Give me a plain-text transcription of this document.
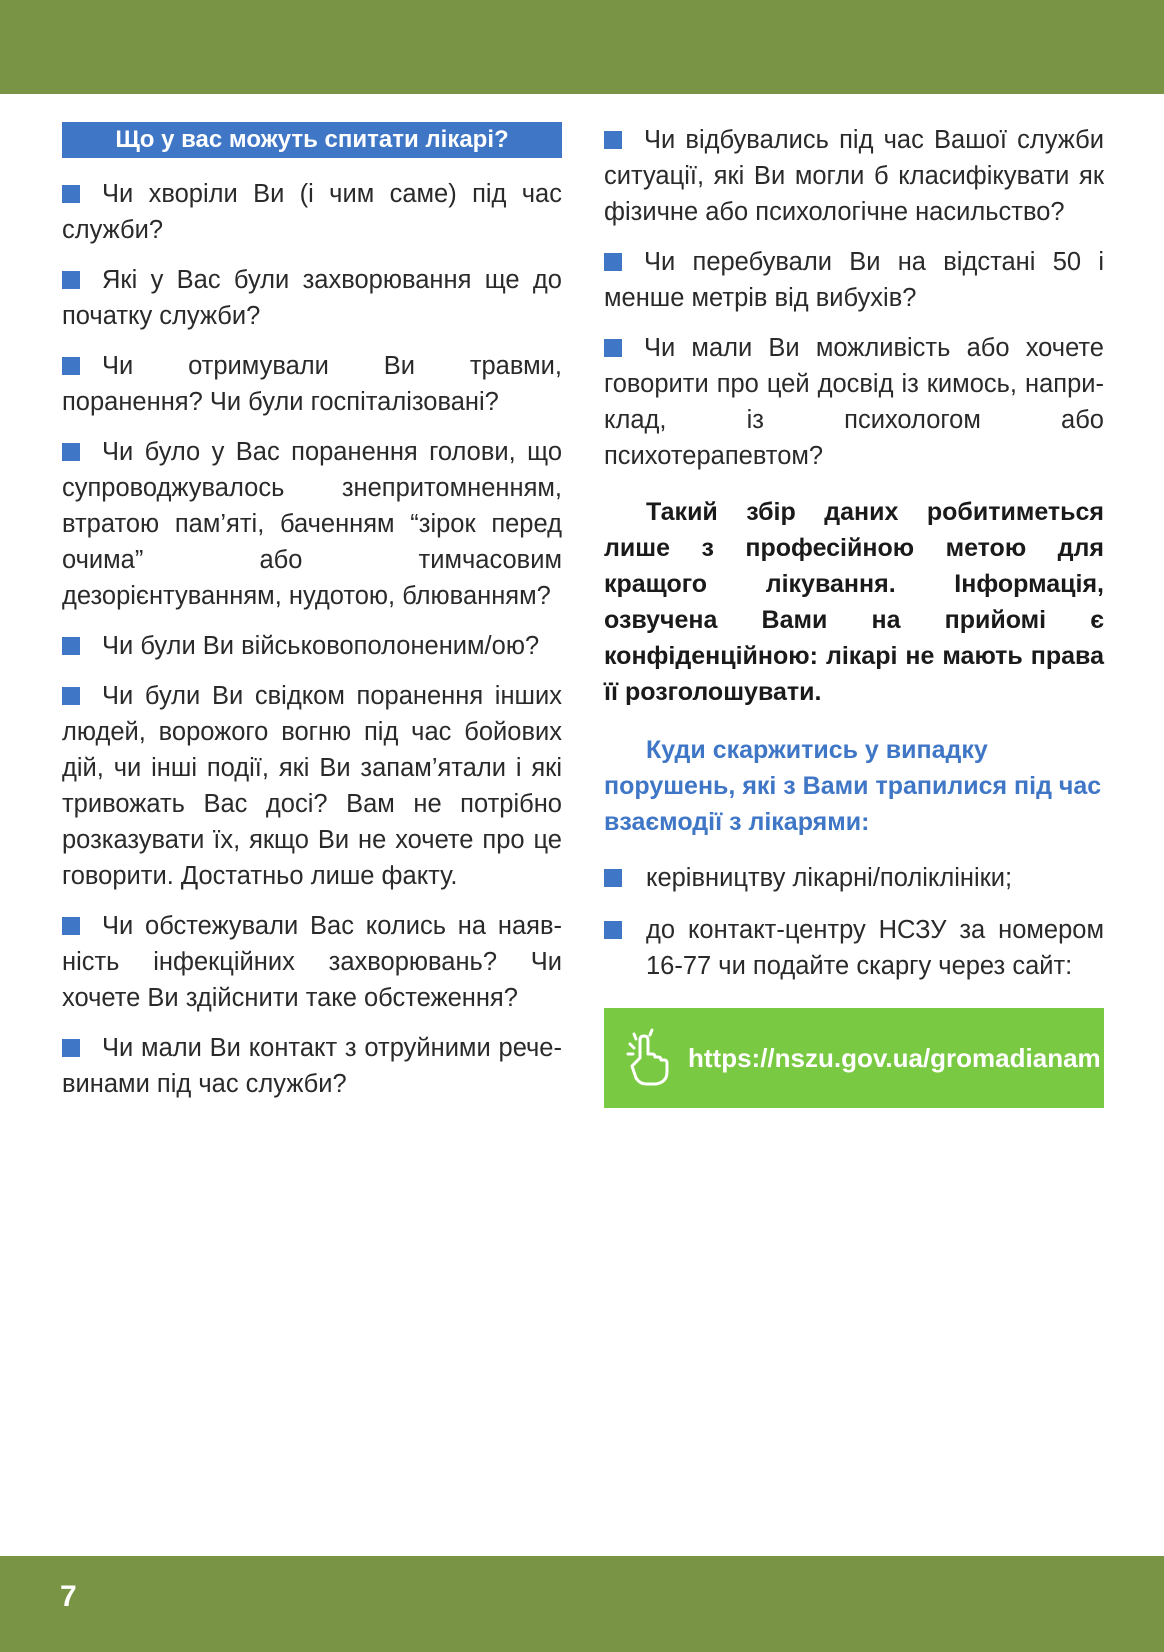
Що у вас можуть спитати лікарі?
Чи хворіли Ви (і чим саме) під час служби?
Які у Вас були захворювання ще до початку служби?
Чи отримували Ви травми, поранення? Чи були госпіталізовані?
Чи було у Вас поранення голови, що супроводжувалось знепритомненням, втратою пам’яті, баченням “зірок перед очима” або тимчасовим дезорієнтуванням, нудотою, блюванням?
Чи були Ви військовополоненим/ою?
Чи були Ви свідком поранення інших людей, ворожого вогню під час бойових дій, чи інші події, які Ви запам’ятали і які тривожать Вас досі? Вам не потрібно розказувати їх, якщо Ви не хочете про це говорити. Достатньо лише факту.
Чи обстежували Вас колись на наявність інфекційних захворювань? Чи хочете Ви здійснити таке обстеження?
Чи мали Ви контакт з отруйними речевинами під час служби?
Чи відбувались під час Вашої служби ситуації, які Ви могли б класифікувати як фізичне або психологічне насильство?
Чи перебували Ви на відстані 50 і менше метрів від вибухів?
Чи мали Ви можливість або хочете говорити про цей досвід із кимось, наприклад, із психологом або психотерапевтом?
Такий збір даних робитиметься лише з професійною метою для кращого лікування. Інформація, озвучена Вами на прийомі є конфіденційною: лікарі не мають права її розголошувати.
Куди скаржитись у випадку порушень, які з Вами трапилися під час взаємодії з лікарями:
керівництву лікарні/поліклініки;
до контакт-центру НСЗУ за номером 16-77 чи подайте скаргу через сайт:
https://nszu.gov.ua/gromadianam
7
